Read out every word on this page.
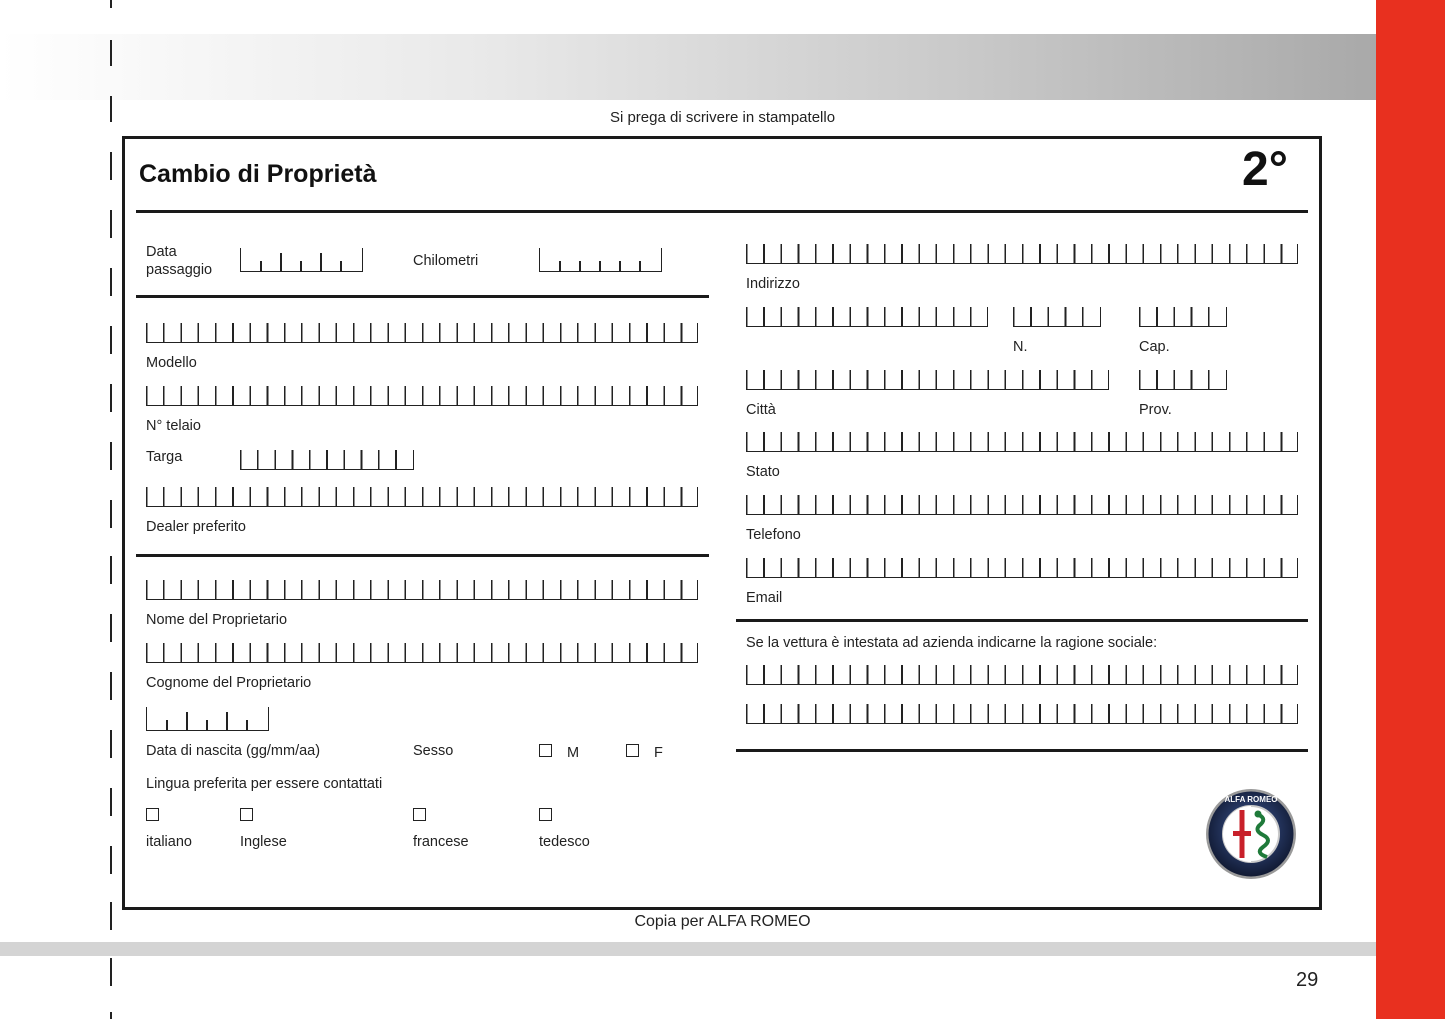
Si prega di scrivere in stampatello
Cambio di Proprietà	2°
Data
passaggio
Chilometri
Modello
N° telaio
Targa
Dealer preferito
Nome del Proprietario
Cognome del Proprietario
Data di nascita (gg/mm/aa)	Sesso	M	F
Lingua preferita per essere contattati
italiano	Inglese	francese	tedesco
Indirizzo
N.	Cap.
Città	Prov.
Stato
Telefono
Email
Se la vettura è intestata ad azienda indicarne la ragione sociale:
ALFA ROMEO
Copia per ALFA ROMEO
29
